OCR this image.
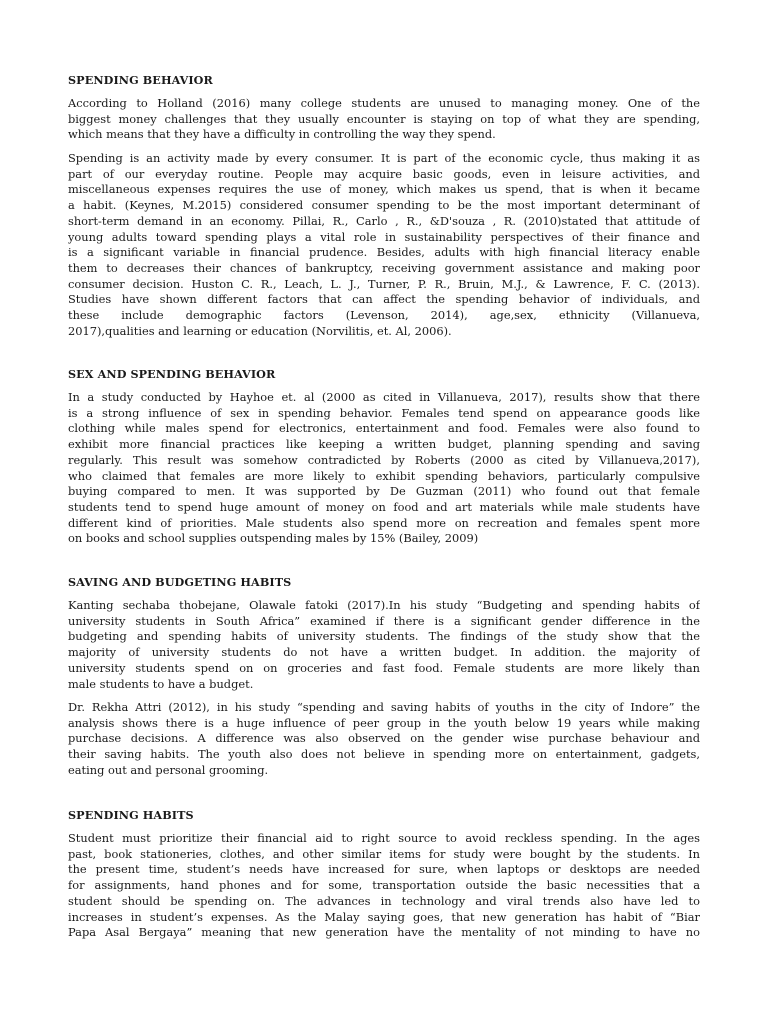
SPENDING BEHAVIOR
According to Holland (2016) many college students are unused to managing money. One of the
biggest money challenges that they usually encounter is staying on top of what they are spending,
which means that they have a difficulty in controlling the way they spend.
Spending is an activity made by every consumer. It is part of the economic cycle, thus making it as
part of our everyday routine. People may acquire basic goods, even in leisure activities, and
miscellaneous expenses requires the use of money, which makes us spend, that is when it became
a habit. (Keynes, M.2015) considered consumer spending to be the most important determinant of
short-term demand in an economy. Pillai, R., Carlo , R., &D'souza , R. (2010)stated that attitude of
young adults toward spending plays a vital role in sustainability perspectives of their finance and
is a significant variable in financial prudence. Besides, adults with high financial literacy enable
them to decreases their chances of bankruptcy, receiving government assistance and making poor
consumer decision. Huston C. R., Leach, L. J., Turner, P. R., Bruin, M.J., & Lawrence, F. C. (2013).
Studies have shown different factors that can affect the spending behavior of individuals, and
these include demographic factors (Levenson, 2014), age,sex, ethnicity (Villanueva,
2017),qualities and learning or education (Norvilitis, et. Al, 2006).
SEX AND SPENDING BEHAVIOR
In a study conducted by Hayhoe et. al (2000 as cited in Villanueva, 2017), results show that there
is a strong influence of sex in spending behavior. Females tend spend on appearance goods like
clothing while males spend for electronics, entertainment and food. Females were also found to
exhibit more financial practices like keeping a written budget, planning spending and saving
regularly. This result was somehow contradicted by Roberts (2000 as cited by Villanueva,2017),
who claimed that females are more likely to exhibit spending behaviors, particularly compulsive
buying compared to men. It was supported by De Guzman (2011) who found out that female
students tend to spend huge amount of money on food and art materials while male students have
different kind of priorities. Male students also spend more on recreation and females spent more
on books and school supplies outspending males by 15% (Bailey, 2009)
SAVING AND BUDGETING HABITS
Kanting sechaba thobejane, Olawale fatoki (2017).In his study “Budgeting and spending habits of
university students in South Africa” examined if there is a significant gender difference in the
budgeting and spending habits of university students. The findings of the study show that the
majority of university students do not have a written budget. In addition. the majority of
university students spend on on groceries and fast food. Female students are more likely than
male students to have a budget.
Dr. Rekha Attri (2012), in his study “spending and saving habits of youths in the city of Indore” the
analysis shows there is a huge influence of peer group in the youth below 19 years while making
purchase decisions. A difference was also observed on the gender wise purchase behaviour and
their saving habits. The youth also does not believe in spending more on entertainment, gadgets,
eating out and personal grooming.
SPENDING HABITS
Student must prioritize their financial aid to right source to avoid reckless spending. In the ages
past, book stationeries, clothes, and other similar items for study were bought by the students. In
the present time, student’s needs have increased for sure, when laptops or desktops are needed
for assignments, hand phones and for some, transportation outside the basic necessities that a
student should be spending on. The advances in technology and viral trends also have led to
increases in student’s expenses. As the Malay saying goes, that new generation has habit of “Biar
Papa Asal Bergaya” meaning that new generation have the mentality of not minding to have no
